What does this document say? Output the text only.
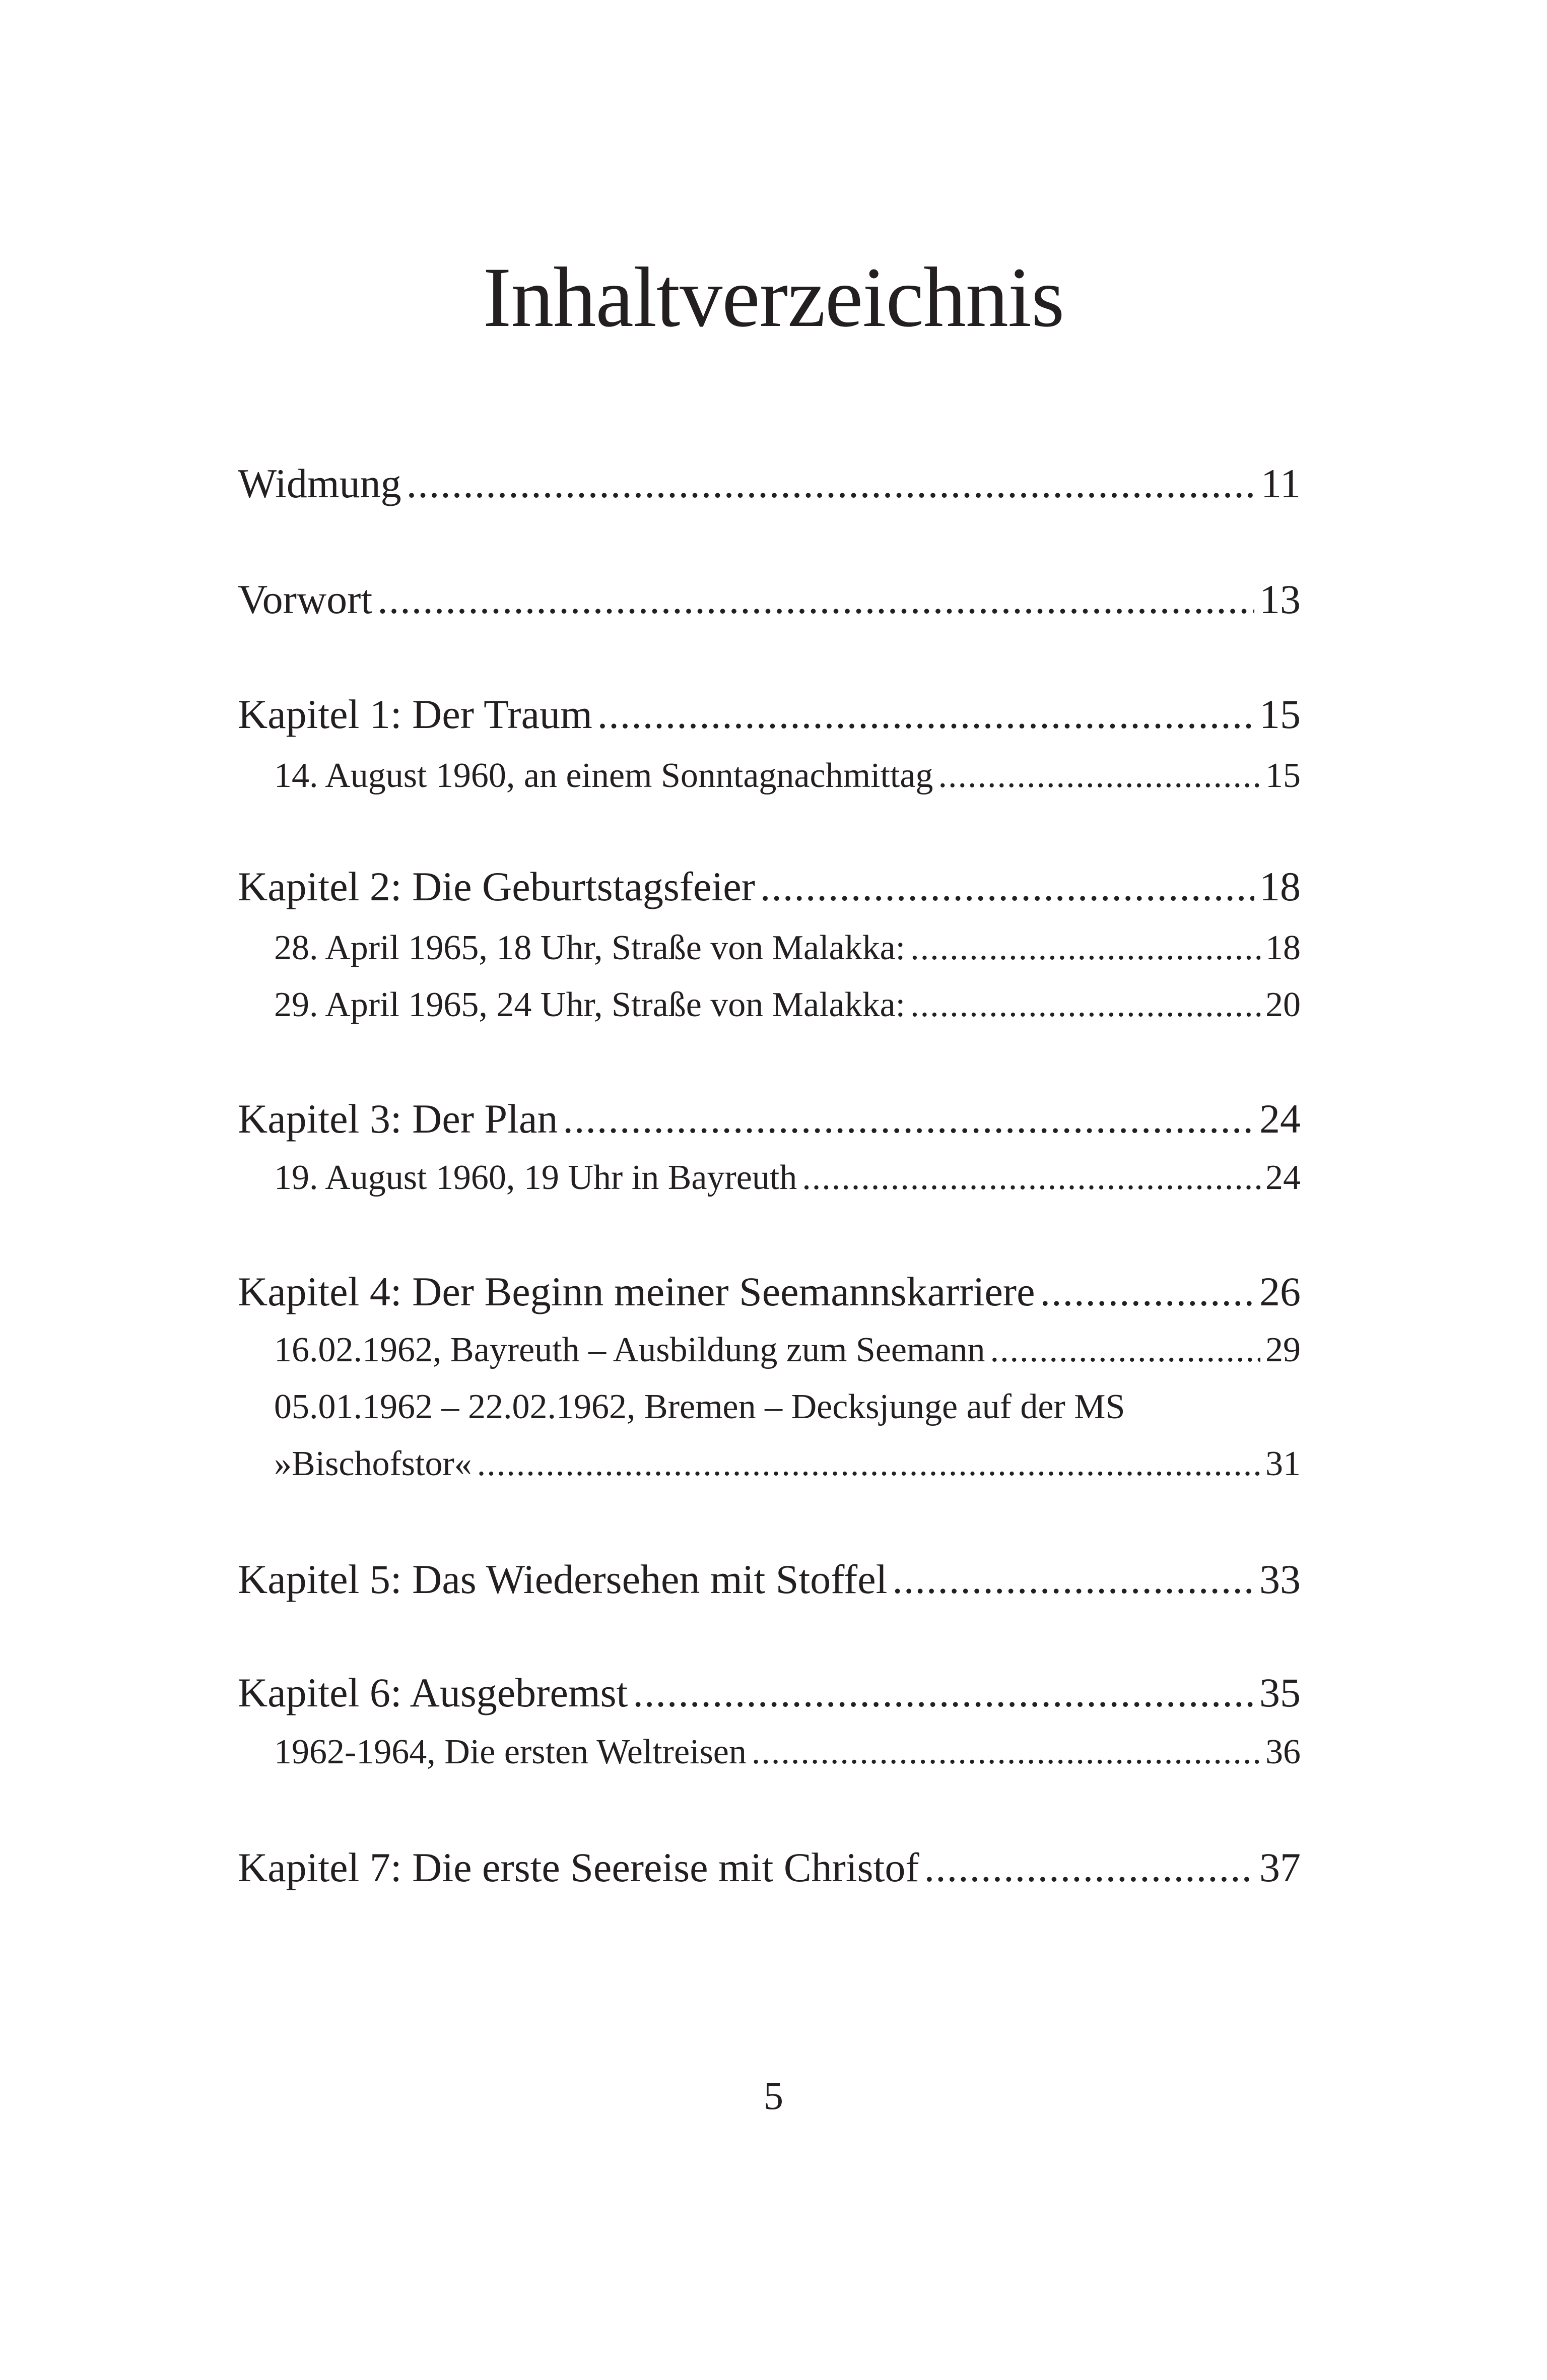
Inhaltverzeichnis
Widmung .....	11
Vorwort .....	13
Kapitel 1: Der Traum .....	15
14. August 1960, an einem Sonntagnachmittag .....	15
Kapitel 2: Die Geburtstagsfeier .....	18
28. April 1965, 18 Uhr, Straße von Malakka: .....	18
29. April 1965, 24 Uhr, Straße von Malakka: .....	20
Kapitel 3: Der Plan .....	24
19. August 1960, 19 Uhr in Bayreuth .....	24
Kapitel 4: Der Beginn meiner Seemannskarriere .....	26
16.02.1962, Bayreuth – Ausbildung zum Seemann .....	29
05.01.1962 – 22.02.1962, Bremen – Decksjunge auf der MS
»Bischofstor« .....	31
Kapitel 5: Das Wiedersehen mit Stoffel .....	33
Kapitel 6: Ausgebremst .....	35
1962-1964, Die ersten Weltreisen .....	36
Kapitel 7: Die erste Seereise mit Christof .....	37
5
